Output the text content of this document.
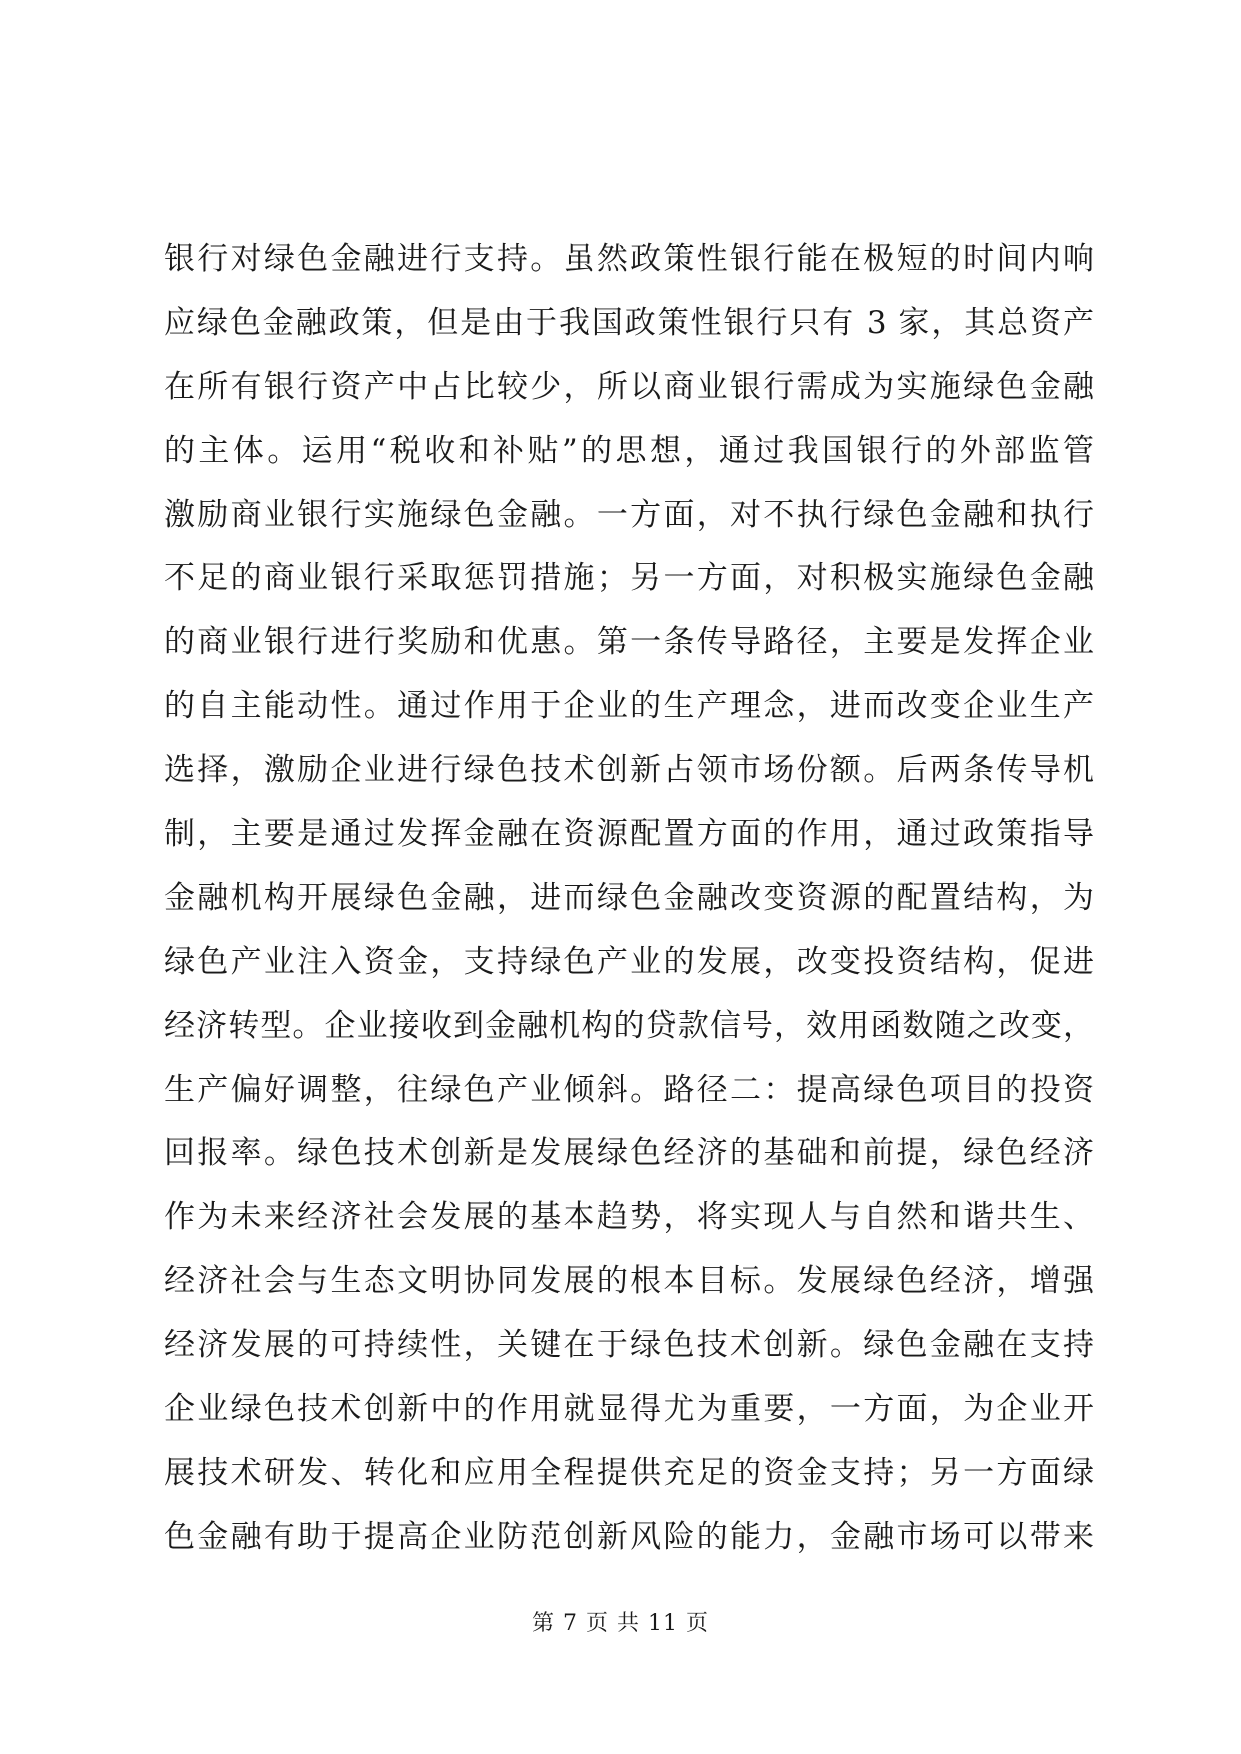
银行对绿色金融进行支持。虽然政策性银行能在极短的时间内响
应绿色金融政策，但是由于我国政策性银行只有 3 家，其总资产
在所有银行资产中占比较少，所以商业银行需成为实施绿色金融
的主体。运用“税收和补贴”的思想，通过我国银行的外部监管
激励商业银行实施绿色金融。一方面，对不执行绿色金融和执行
不足的商业银行采取惩罚措施；另一方面，对积极实施绿色金融
的商业银行进行奖励和优惠。第一条传导路径，主要是发挥企业
的自主能动性。通过作用于企业的生产理念，进而改变企业生产
选择，激励企业进行绿色技术创新占领市场份额。后两条传导机
制，主要是通过发挥金融在资源配置方面的作用，通过政策指导
金融机构开展绿色金融，进而绿色金融改变资源的配置结构，为
绿色产业注入资金，支持绿色产业的发展，改变投资结构，促进
经济转型。企业接收到金融机构的贷款信号，效用函数随之改变，
生产偏好调整，往绿色产业倾斜。路径二：提高绿色项目的投资
回报率。绿色技术创新是发展绿色经济的基础和前提，绿色经济
作为未来经济社会发展的基本趋势，将实现人与自然和谐共生、
经济社会与生态文明协同发展的根本目标。发展绿色经济，增强
经济发展的可持续性，关键在于绿色技术创新。绿色金融在支持
企业绿色技术创新中的作用就显得尤为重要，一方面，为企业开
展技术研发、转化和应用全程提供充足的资金支持；另一方面绿
色金融有助于提高企业防范创新风险的能力，金融市场可以带来
第 7 页 共 11 页
